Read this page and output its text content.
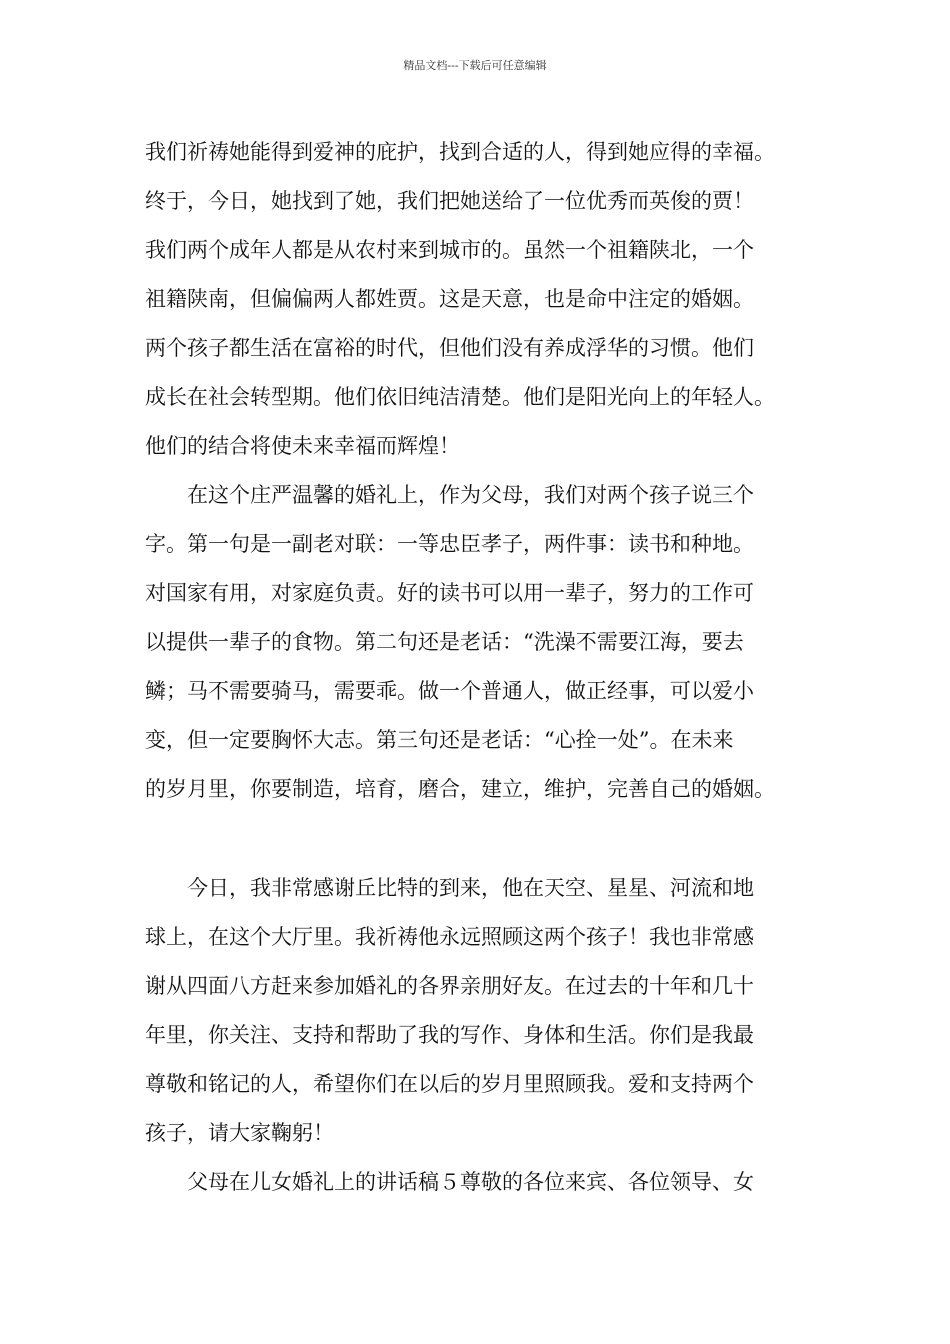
精品文档---下载后可任意编辑
我们祈祷她能得到爱神的庇护，找到合适的人，得到她应得的幸福。
终于，今日，她找到了她，我们把她送给了一位优秀而英俊的贾！
我们两个成年人都是从农村来到城市的。虽然一个祖籍陕北，一个
祖籍陕南，但偏偏两人都姓贾。这是天意，也是命中注定的婚姻。
两个孩子都生活在富裕的时代，但他们没有养成浮华的习惯。他们
成长在社会转型期。他们依旧纯洁清楚。他们是阳光向上的年轻人。
他们的结合将使未来幸福而辉煌！
在这个庄严温馨的婚礼上，作为父母，我们对两个孩子说三个
字。第一句是一副老对联：一等忠臣孝子，两件事：读书和种地。
对国家有用，对家庭负责。好的读书可以用一辈子，努力的工作可
以提供一辈子的食物。第二句还是老话：“洗澡不需要江海，要去
鳞；马不需要骑马，需要乖。做一个普通人，做正经事，可以爱小
变，但一定要胸怀大志。第三句还是老话：“心拴一处”。在未来
的岁月里，你要制造，培育，磨合，建立，维护，完善自己的婚姻。
今日，我非常感谢丘比特的到来，他在天空、星星、河流和地
球上，在这个大厅里。我祈祷他永远照顾这两个孩子！我也非常感
谢从四面八方赶来参加婚礼的各界亲朋好友。在过去的十年和几十
年里，你关注、支持和帮助了我的写作、身体和生活。你们是我最
尊敬和铭记的人，希望你们在以后的岁月里照顾我。爱和支持两个
孩子，请大家鞠躬！
父母在儿女婚礼上的讲话稿５尊敬的各位来宾、各位领导、女
